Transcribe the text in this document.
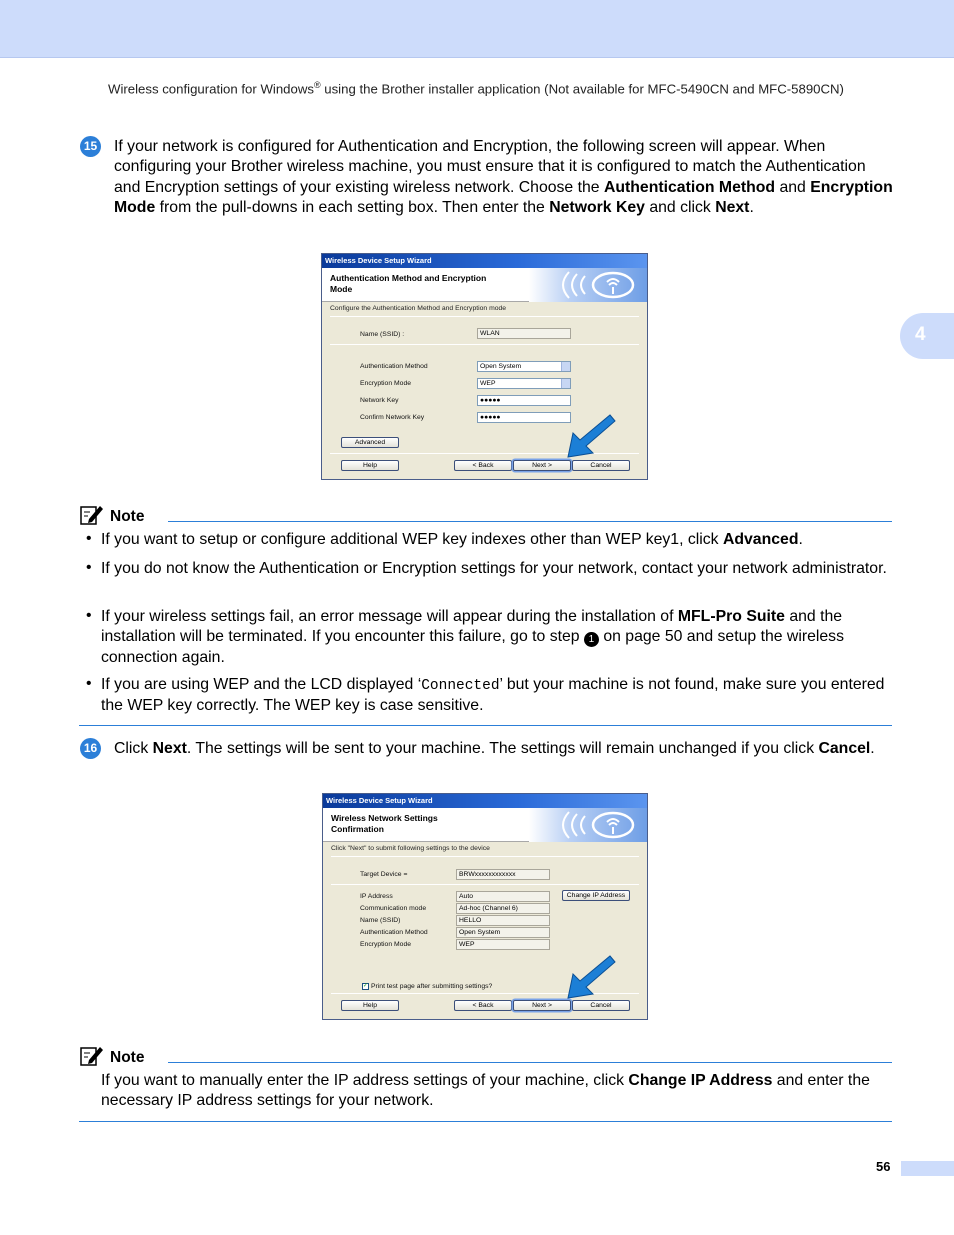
Wireless configuration for Windows® using the Brother installer application (Not available for MFC-5490CN and MFC-5890CN)
4
15 If your network is configured for Authentication and Encryption, the following screen will appear. When configuring your Brother wireless machine, you must ensure that it is configured to match the Authentication and Encryption settings of your existing wireless network. Choose the Authentication Method and Encryption Mode from the pull-downs in each setting box. Then enter the Network Key and click Next.
Wireless Device Setup Wizard
Authentication Method and Encryption
Mode
Configure the Authentication Method and Encryption mode
Name (SSID) :	WLAN
Authentication Method	Open System
Encryption Mode	WEP
Network Key	●●●●●
Confirm Network Key	●●●●●
Advanced
Help	< Back	Next >	Cancel
Note
• If you want to setup or configure additional WEP key indexes other than WEP key1, click Advanced.
• If you do not know the Authentication or Encryption settings for your network, contact your network administrator.
• If your wireless settings fail, an error message will appear during the installation of MFL-Pro Suite and the installation will be terminated. If you encounter this failure, go to step 1 on page 50 and setup the wireless connection again.
• If you are using WEP and the LCD displayed ‘Connected’ but your machine is not found, make sure you entered the WEP key correctly. The WEP key is case sensitive.
16 Click Next. The settings will be sent to your machine. The settings will remain unchanged if you click Cancel.
Wireless Device Setup Wizard
Wireless Network Settings
Confirmation
Click "Next" to submit following settings to the device
Target Device =	BRWxxxxxxxxxxxx
IP Address	Auto
Communication mode	Ad-hoc (Channel 6)
Name (SSID)	HELLO
Authentication Method	Open System
Encryption Mode	WEP
Change IP Address
✓ Print test page after submitting settings?
Help	< Back	Next >	Cancel
Note
If you want to manually enter the IP address settings of your machine, click Change IP Address and enter the necessary IP address settings for your network.
56
